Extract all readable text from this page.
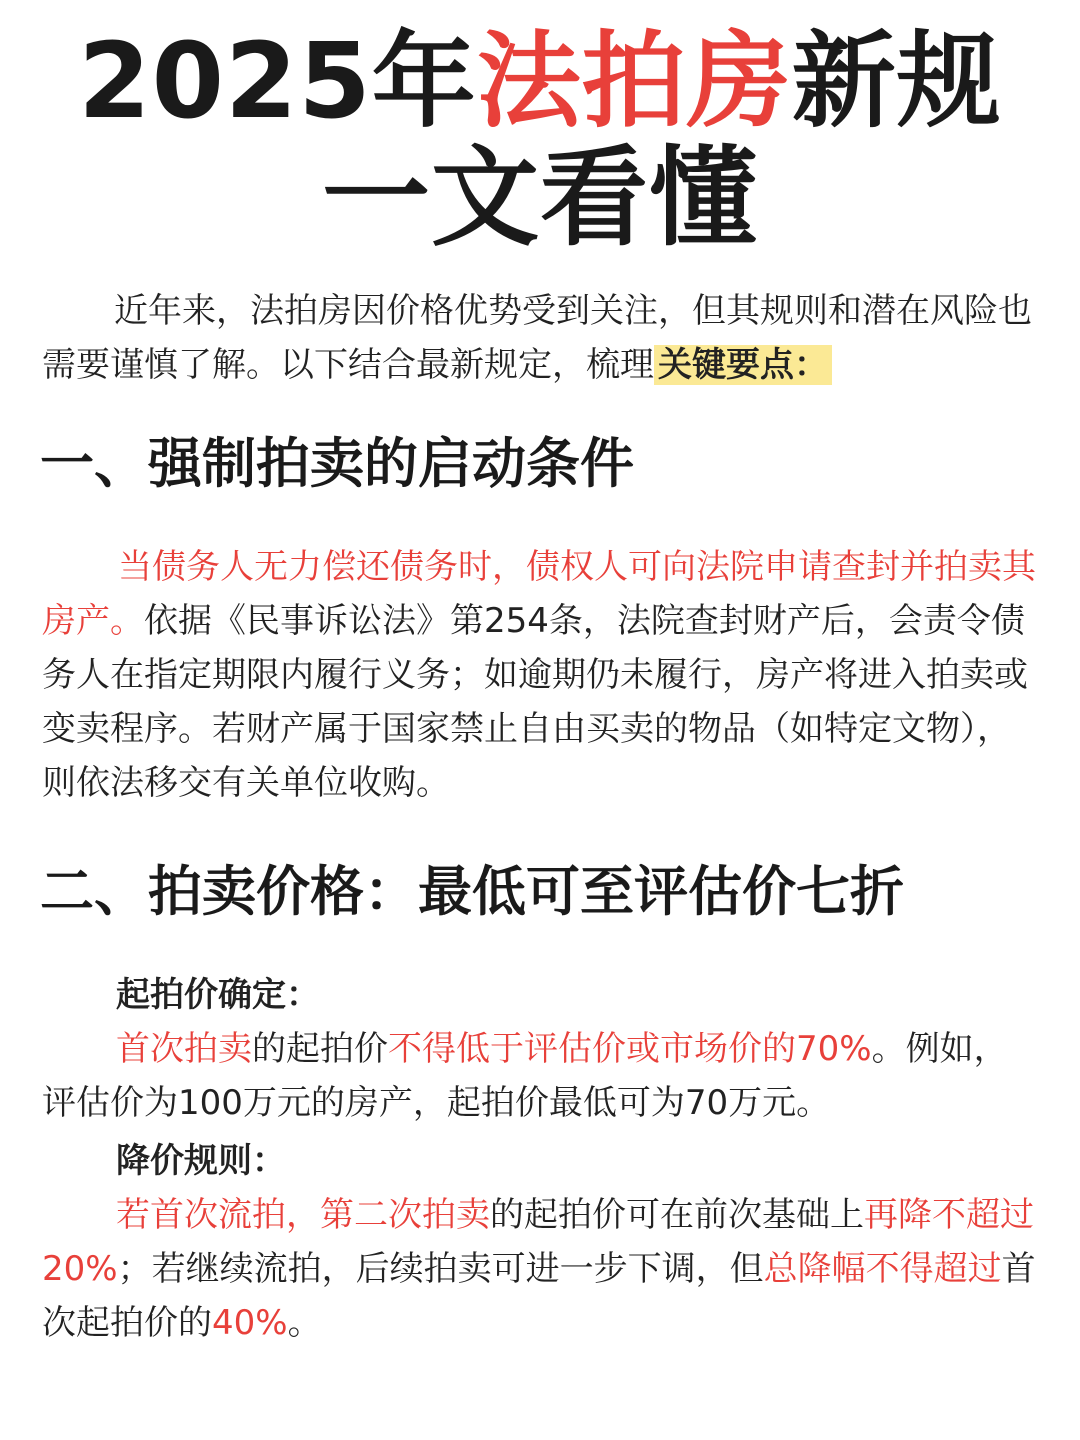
2025年法拍房新规
一文看懂

近年来，法拍房因价格优势受到关注，但其规则和潜在风险也需要谨慎了解。以下结合最新规定，梳理 关键要点：

一、强制拍卖的启动条件

当债务人无力偿还债务时，债权人可向法院申请查封并拍卖其房产。依据《民事诉讼法》第254条，法院查封财产后，会责令债务人在指定期限内履行义务；如逾期仍未履行，房产将进入拍卖或变卖程序。若财产属于国家禁止自由买卖的物品（如特定文物），则依法移交有关单位收购。

二、拍卖价格：最低可至评估价七折

起拍价确定：

首次拍卖的起拍价不得低于评估价或市场价的70%。例如，评估价为100万元的房产，起拍价最低可为70万元。

降价规则：

若首次流拍，第二次拍卖的起拍价可在前次基础上再降不超过20%；若继续流拍，后续拍卖可进一步下调，但总降幅不得超过首次起拍价的40%。
